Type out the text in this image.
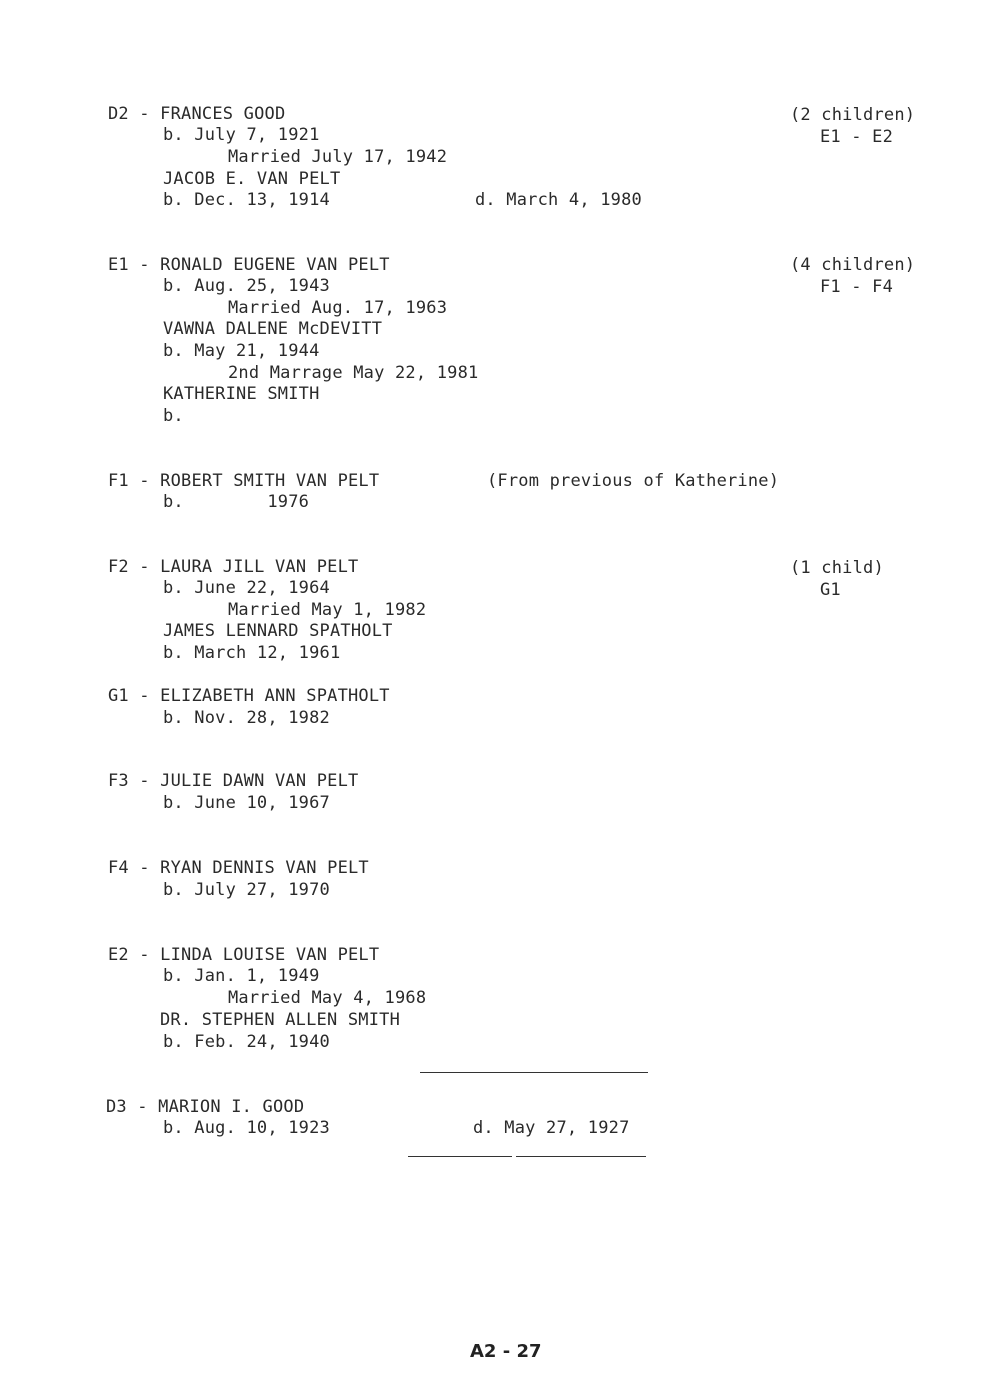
D2 - FRANCES GOOD
b. July 7, 1921
Married July 17, 1942
JACOB E. VAN PELT
b. Dec. 13, 1914	d. March 4, 1980
(2 children)
E1 - E2
E1 - RONALD EUGENE VAN PELT
b. Aug. 25, 1943
Married Aug. 17, 1963
VAWNA DALENE McDEVITT
b. May 21, 1944
2nd Marrage May 22, 1981
KATHERINE SMITH
b.
(4 children)
F1 - F4
F1 - ROBERT SMITH VAN PELT
b.        1976
(From previous of Katherine)
F2 - LAURA JILL VAN PELT
b. June 22, 1964
Married May 1, 1982
JAMES LENNARD SPATHOLT
b. March 12, 1961
(1 child)
G1
G1 - ELIZABETH ANN SPATHOLT
b. Nov. 28, 1982
F3 - JULIE DAWN VAN PELT
b. June 10, 1967
F4 - RYAN DENNIS VAN PELT
b. July 27, 1970
E2 - LINDA LOUISE VAN PELT
b. Jan. 1, 1949
Married May 4, 1968
DR. STEPHEN ALLEN SMITH
b. Feb. 24, 1940
D3 - MARION I. GOOD
b. Aug. 10, 1923	d. May 27, 1927
A2 - 27
